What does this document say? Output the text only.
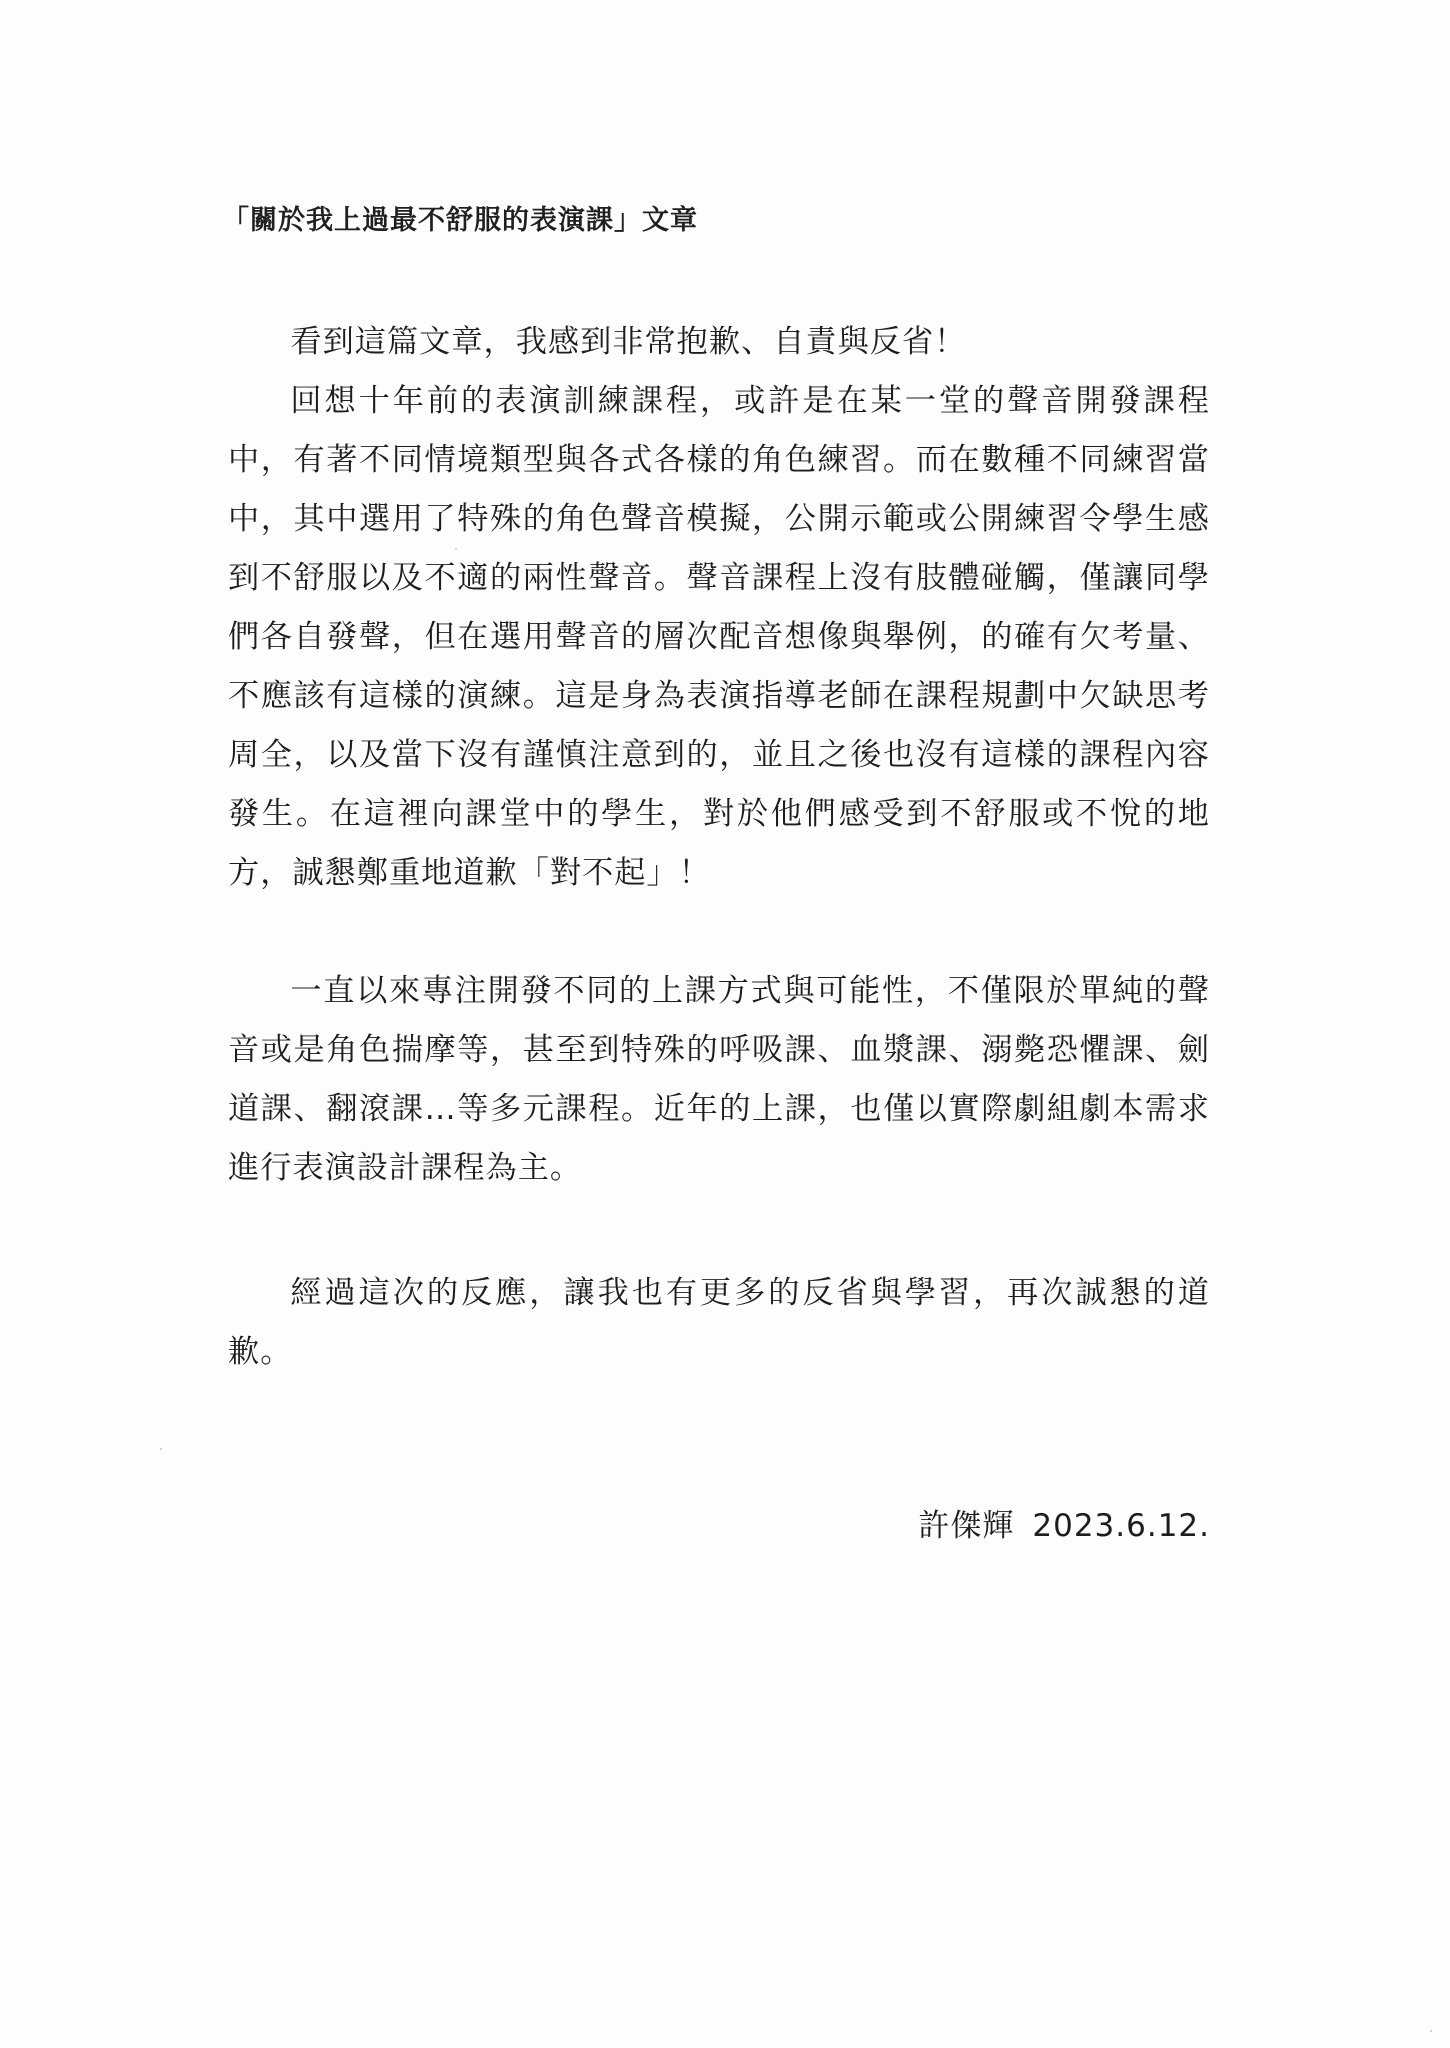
「關於我上過最不舒服的表演課」文章
看到這篇文章，我感到非常抱歉、自責與反省！
回想十年前的表演訓練課程，或許是在某一堂的聲音開發課程中，有著不同情境類型與各式各樣的角色練習。而在數種不同練習當中，其中選用了特殊的角色聲音模擬，公開示範或公開練習令學生感到不舒服以及不適的兩性聲音。聲音課程上沒有肢體碰觸，僅讓同學們各自發聲，但在選用聲音的層次配音想像與舉例，的確有欠考量、不應該有這樣的演練。這是身為表演指導老師在課程規劃中欠缺思考周全，以及當下沒有謹慎注意到的，並且之後也沒有這樣的課程內容發生。在這裡向課堂中的學生，對於他們感受到不舒服或不悅的地方，誠懇鄭重地道歉「對不起」！
一直以來專注開發不同的上課方式與可能性，不僅限於單純的聲音或是角色揣摩等，甚至到特殊的呼吸課、血漿課、溺斃恐懼課、劍道課、翻滾課…等多元課程。近年的上課，也僅以實際劇組劇本需求進行表演設計課程為主。
經過這次的反應，讓我也有更多的反省與學習，再次誠懇的道歉。
許傑輝 2023.6.12.
